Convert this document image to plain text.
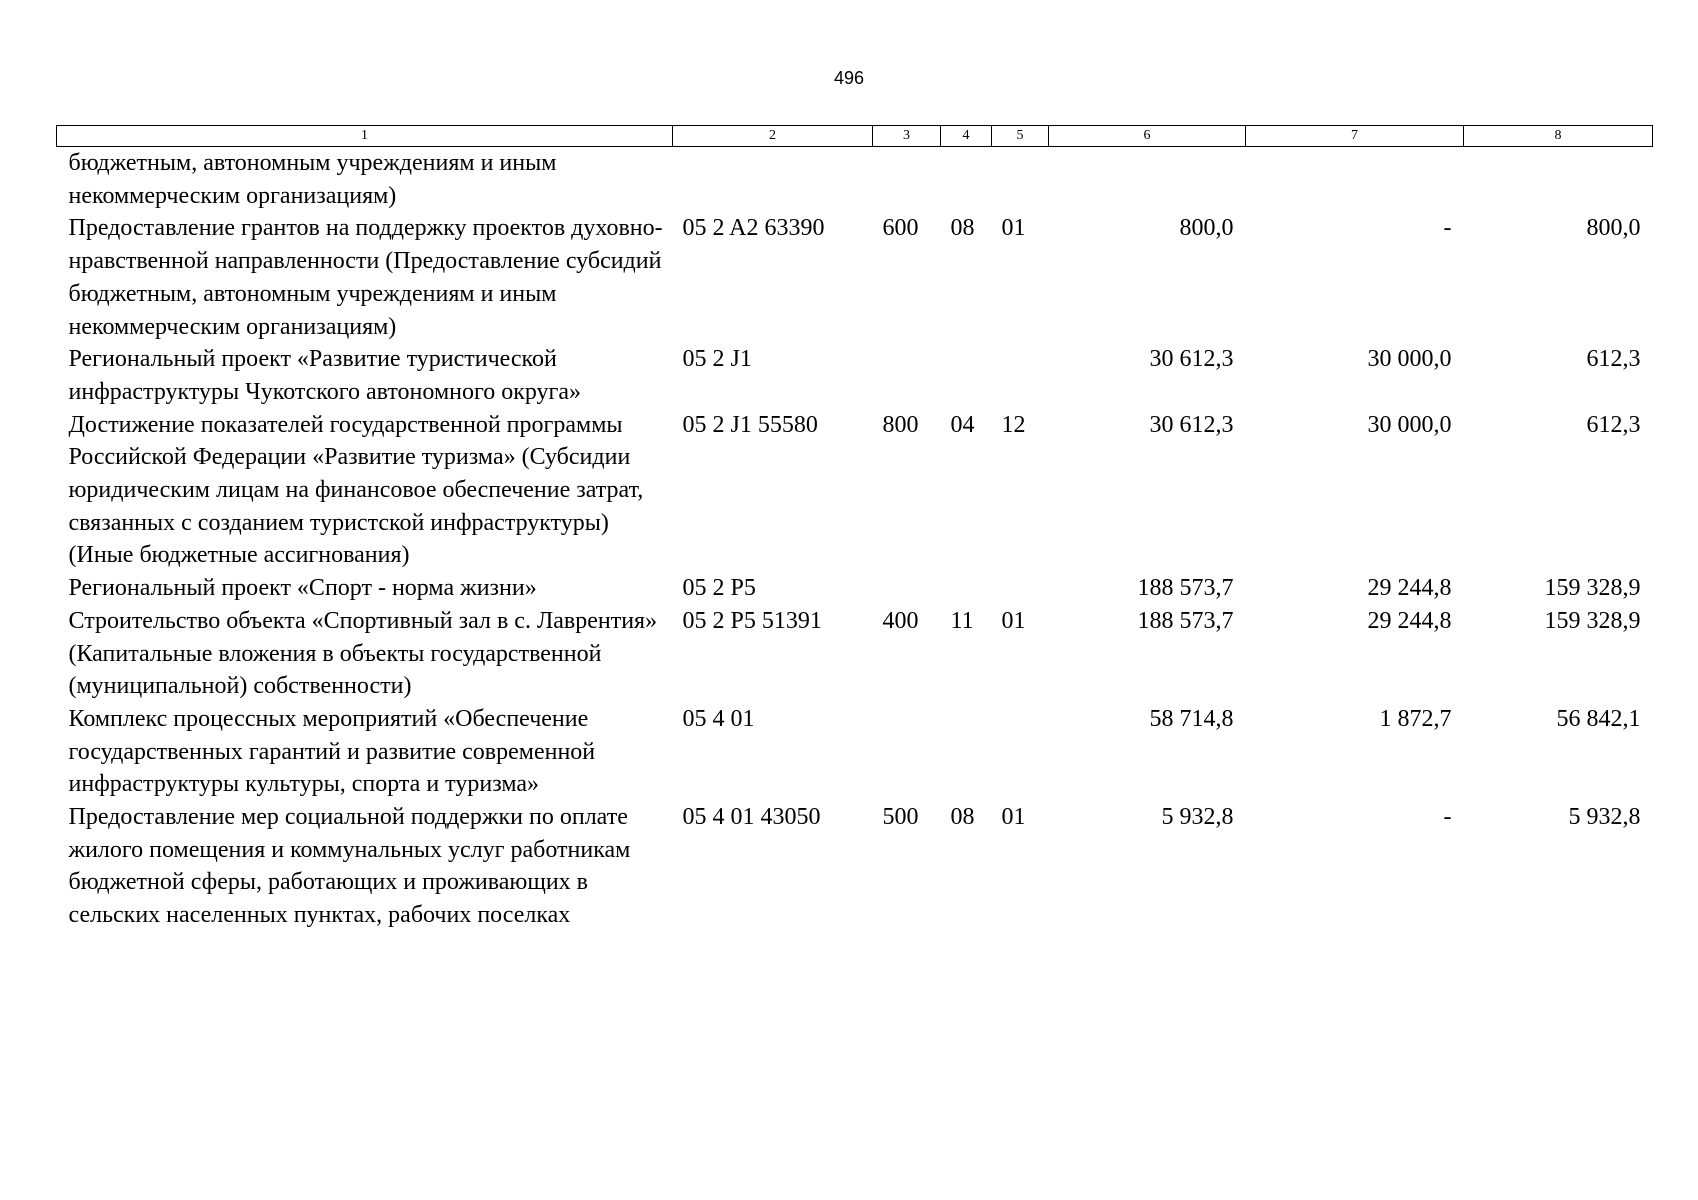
496
1	2	3	4	5	6	7	8
бюджетным, автономным учреждениям и иным некоммерческим организациям)							
Предоставление грантов на поддержку проектов духовно-нравственной направленности (Предоставление субсидий бюджетным, автономным учреждениям и иным некоммерческим организациям)	05 2 A2 63390	600	08	01	800,0	-	800,0
Региональный проект «Развитие туристической инфраструктуры Чукотского автономного округа»	05 2 J1				30 612,3	30 000,0	612,3
Достижение показателей государственной программы Российской Федерации «Развитие туризма» (Субсидии юридическим лицам на финансовое обеспечение затрат, связанных с созданием туристской инфраструктуры) (Иные бюджетные ассигнования)	05 2 J1 55580	800	04	12	30 612,3	30 000,0	612,3
Региональный проект «Спорт - норма жизни»	05 2 P5				188 573,7	29 244,8	159 328,9
Строительство объекта «Спортивный зал в с. Лаврентия» (Капитальные вложения в объекты государственной (муниципальной) собственности)	05 2 P5 51391	400	11	01	188 573,7	29 244,8	159 328,9
Комплекс процессных мероприятий «Обеспечение государственных гарантий и развитие современной инфраструктуры культуры, спорта и туризма»	05 4 01				58 714,8	1 872,7	56 842,1
Предоставление мер социальной поддержки по оплате жилого помещения и коммунальных услуг работникам бюджетной сферы, работающих и проживающих в сельских населенных пунктах, рабочих поселках	05 4 01 43050	500	08	01	5 932,8	-	5 932,8
